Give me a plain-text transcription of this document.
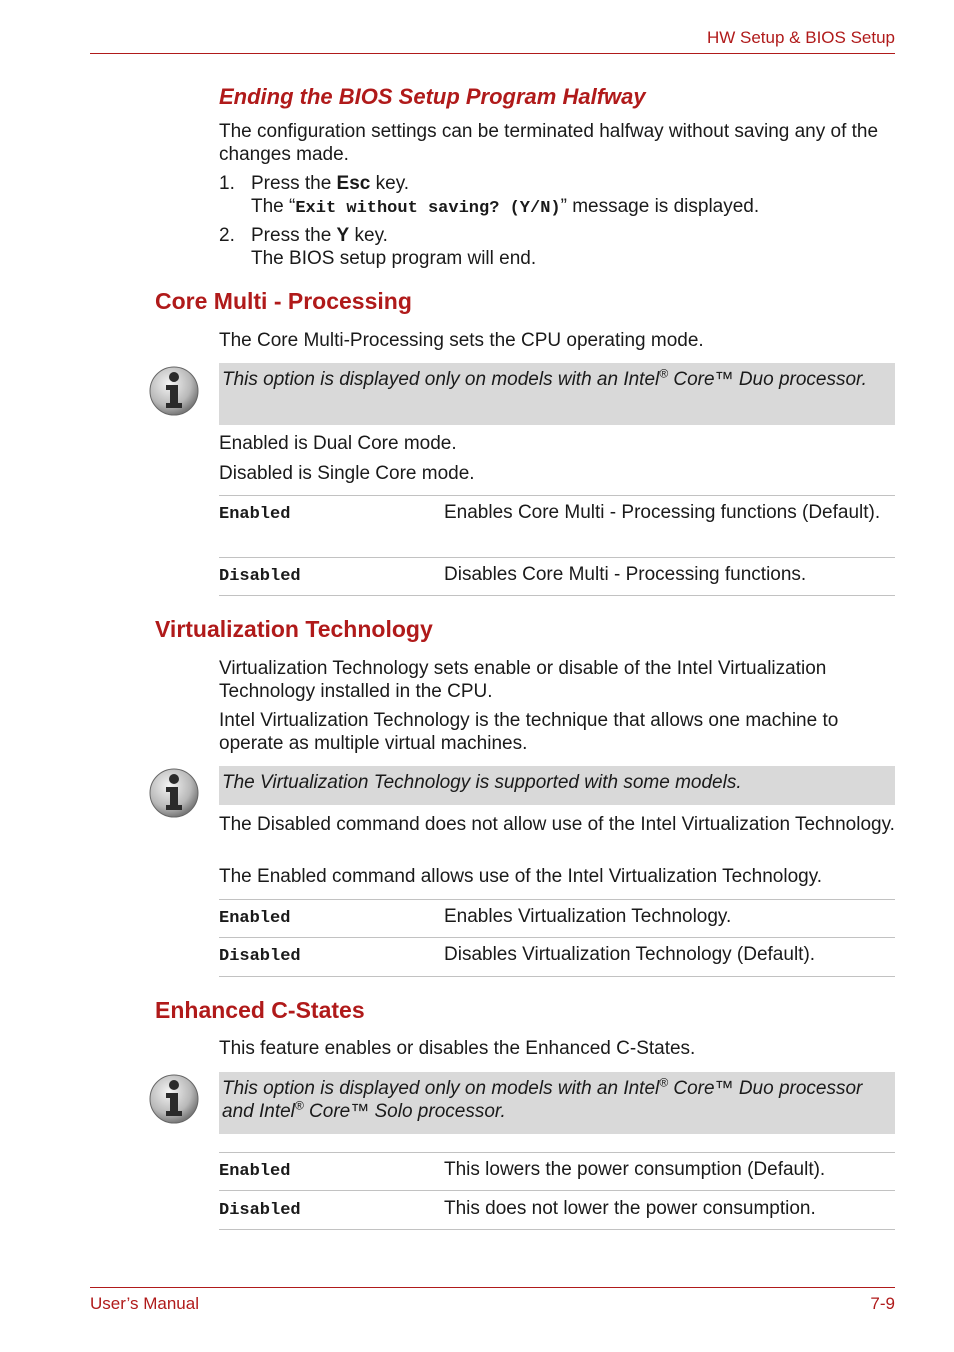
HW Setup & BIOS Setup
Ending the BIOS Setup Program Halfway
The configuration settings can be terminated halfway without saving any of the changes made.
1. Press the Esc key.
The “Exit without saving? (Y/N)” message is displayed.
2. Press the Y key.
The BIOS setup program will end.
Core Multi - Processing
The Core Multi-Processing sets the CPU operating mode.
This option is displayed only on models with an Intel® Core™ Duo processor.
Enabled is Dual Core mode.
Disabled is Single Core mode.
Enabled	Enables Core Multi - Processing functions (Default).
Disabled	Disables Core Multi - Processing functions.
Virtualization Technology
Virtualization Technology sets enable or disable of the Intel Virtualization Technology installed in the CPU.
Intel Virtualization Technology is the technique that allows one machine to operate as multiple virtual machines.
The Virtualization Technology is supported with some models.
The Disabled command does not allow use of the Intel Virtualization Technology.
The Enabled command allows use of the Intel Virtualization Technology.
Enabled	Enables Virtualization Technology.
Disabled	Disables Virtualization Technology (Default).
Enhanced C-States
This feature enables or disables the Enhanced C-States.
This option is displayed only on models with an Intel® Core™ Duo processor and Intel® Core™ Solo processor.
Enabled	This lowers the power consumption (Default).
Disabled	This does not lower the power consumption.
User’s Manual	7-9
